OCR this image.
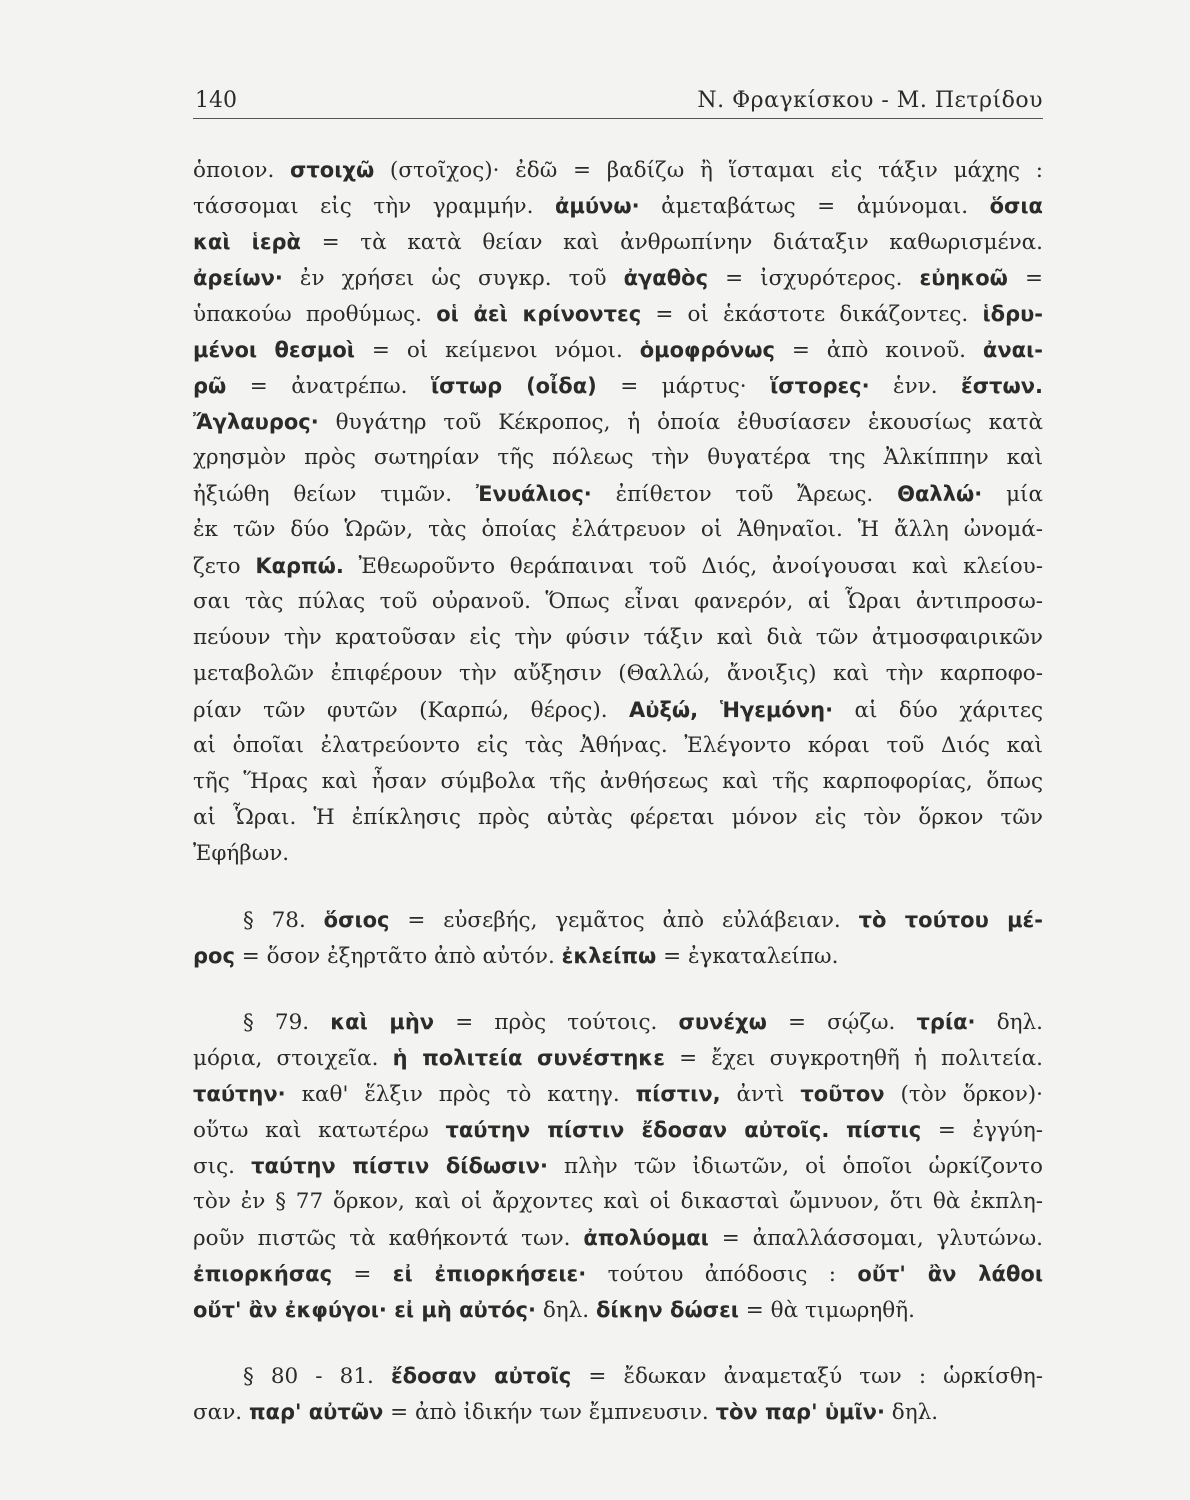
140	Ν. Φραγκίσκου - Μ. Πετρίδου
ὁποιον. στοιχῶ (στοῖχος)· ἐδῶ = βαδίζω ἢ ἵσταμαι εἰς τάξιν μάχης :
τάσσομαι εἰς τὴν γραμμήν. ἀμύνω· ἀμεταβάτως = ἀμύνομαι. ὅσια
καὶ ἱερὰ = τὰ κατὰ θείαν καὶ ἀνθρωπίνην διάταξιν καθωρισμένα.
ἀρείων· ἐν χρήσει ὡς συγκρ. τοῦ ἀγαθὸς = ἰσχυρότερος. εὐηκοῶ =
ὑπακούω προθύμως. οἱ ἀεὶ κρίνοντες = οἱ ἑκάστοτε δικάζοντες. ἱδρυ-
μένοι θεσμοὶ = οἱ κείμενοι νόμοι. ὁμοφρόνως = ἀπὸ κοινοῦ. ἀναι-
ρῶ = ἀνατρέπω. ἵστωρ (οἶδα) = μάρτυς· ἵστορες· ἑνν. ἔστων.
Ἄγλαυρος· θυγάτηρ τοῦ Κέκροπος, ἡ ὁποία ἐθυσίασεν ἑκουσίως κατὰ
χρησμὸν πρὸς σωτηρίαν τῆς πόλεως τὴν θυγατέρα της Ἀλκίππην καὶ
ἠξιώθη θείων τιμῶν. Ἐνυάλιος· ἐπίθετον τοῦ Ἄρεως. Θαλλώ· μία
ἐκ τῶν δύο Ὡρῶν, τὰς ὁποίας ἐλάτρευον οἱ Ἀθηναῖοι. Ἡ ἄλλη ὠνομά-
ζετο Καρπώ. Ἐθεωροῦντο θεράπαιναι τοῦ Διός, ἀνοίγουσαι καὶ κλείου-
σαι τὰς πύλας τοῦ οὐρανοῦ. Ὅπως εἶναι φανερόν, αἱ Ὧραι ἀντιπροσω-
πεύουν τὴν κρατοῦσαν εἰς τὴν φύσιν τάξιν καὶ διὰ τῶν ἀτμοσφαιρικῶν
μεταβολῶν ἐπιφέρουν τὴν αὔξησιν (Θαλλώ, ἄνοιξις) καὶ τὴν καρποφο-
ρίαν τῶν φυτῶν (Καρπώ, θέρος). Αὐξώ, Ἡγεμόνη· αἱ δύο χάριτες
αἱ ὁποῖαι ἐλατρεύοντο εἰς τὰς Ἀθήνας. Ἐλέγοντο κόραι τοῦ Διός καὶ
τῆς Ἥρας καὶ ἦσαν σύμβολα τῆς ἀνθήσεως καὶ τῆς καρποφορίας, ὅπως
αἱ Ὧραι. Ἡ ἐπίκλησις πρὸς αὐτὰς φέρεται μόνον εἰς τὸν ὅρκον τῶν
Ἐφήβων.
§ 78. ὅσιος = εὐσεβής, γεμᾶτος ἀπὸ εὐλάβειαν. τὸ τούτου μέ-
ρος = ὅσον ἐξηρτᾶτο ἀπὸ αὐτόν. ἐκλείπω = ἐγκαταλείπω.
§ 79. καὶ μὴν = πρὸς τούτοις. συνέχω = σῴζω. τρία· δηλ.
μόρια, στοιχεῖα. ἡ πολιτεία συνέστηκε = ἔχει συγκροτηθῆ ἡ πολιτεία.
ταύτην· καθ' ἕλξιν πρὸς τὸ κατηγ. πίστιν, ἀντὶ τοῦτον (τὸν ὅρκον)·
οὕτω καὶ κατωτέρω ταύτην πίστιν ἔδοσαν αὐτοῖς. πίστις = ἐγγύη-
σις. ταύτην πίστιν δίδωσιν· πλὴν τῶν ἰδιωτῶν, οἱ ὁποῖοι ὡρκίζοντο
τὸν ἐν § 77 ὅρκον, καὶ οἱ ἄρχοντες καὶ οἱ δικασταὶ ὤμνυον, ὅτι θὰ ἐκπλη-
ροῦν πιστῶς τὰ καθήκοντά των. ἀπολύομαι = ἀπαλλάσσομαι, γλυτώνω.
ἐπιορκήσας = εἰ ἐπιορκήσειε· τούτου ἀπόδοσις : οὔτ' ἂν λάθοι
οὔτ' ἂν ἐκφύγοι· εἰ μὴ αὐτός· δηλ. δίκην δώσει = θὰ τιμωρηθῆ.
§ 80 - 81. ἔδοσαν αὐτοῖς = ἔδωκαν ἀναμεταξύ των : ὡρκίσθη-
σαν. παρ' αὐτῶν = ἀπὸ ἰδικήν των ἔμπνευσιν. τὸν παρ' ὑμῖν· δηλ.
